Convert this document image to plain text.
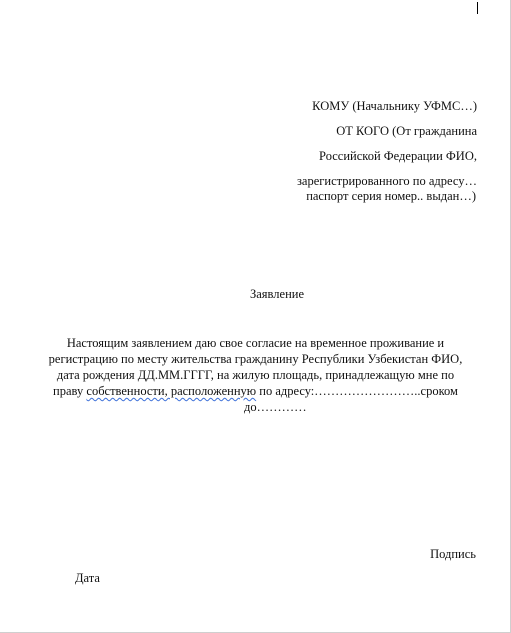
КОМУ (Начальнику УФМС…)
ОТ КОГО (От гражданина
Российской Федерации ФИО,
зарегистрированного по адресу…
паспорт серия номер.. выдан…)
Заявление
Настоящим заявлением даю свое согласие на временное проживание и
регистрацию по месту жительства гражданину Республики Узбекистан ФИО,
дата рождения ДД.ММ.ГГГГ, на жилую площадь, принадлежащую мне по
праву собственности, расположенную по адресу:……………………..сроком
до…………
Подпись
Дата
